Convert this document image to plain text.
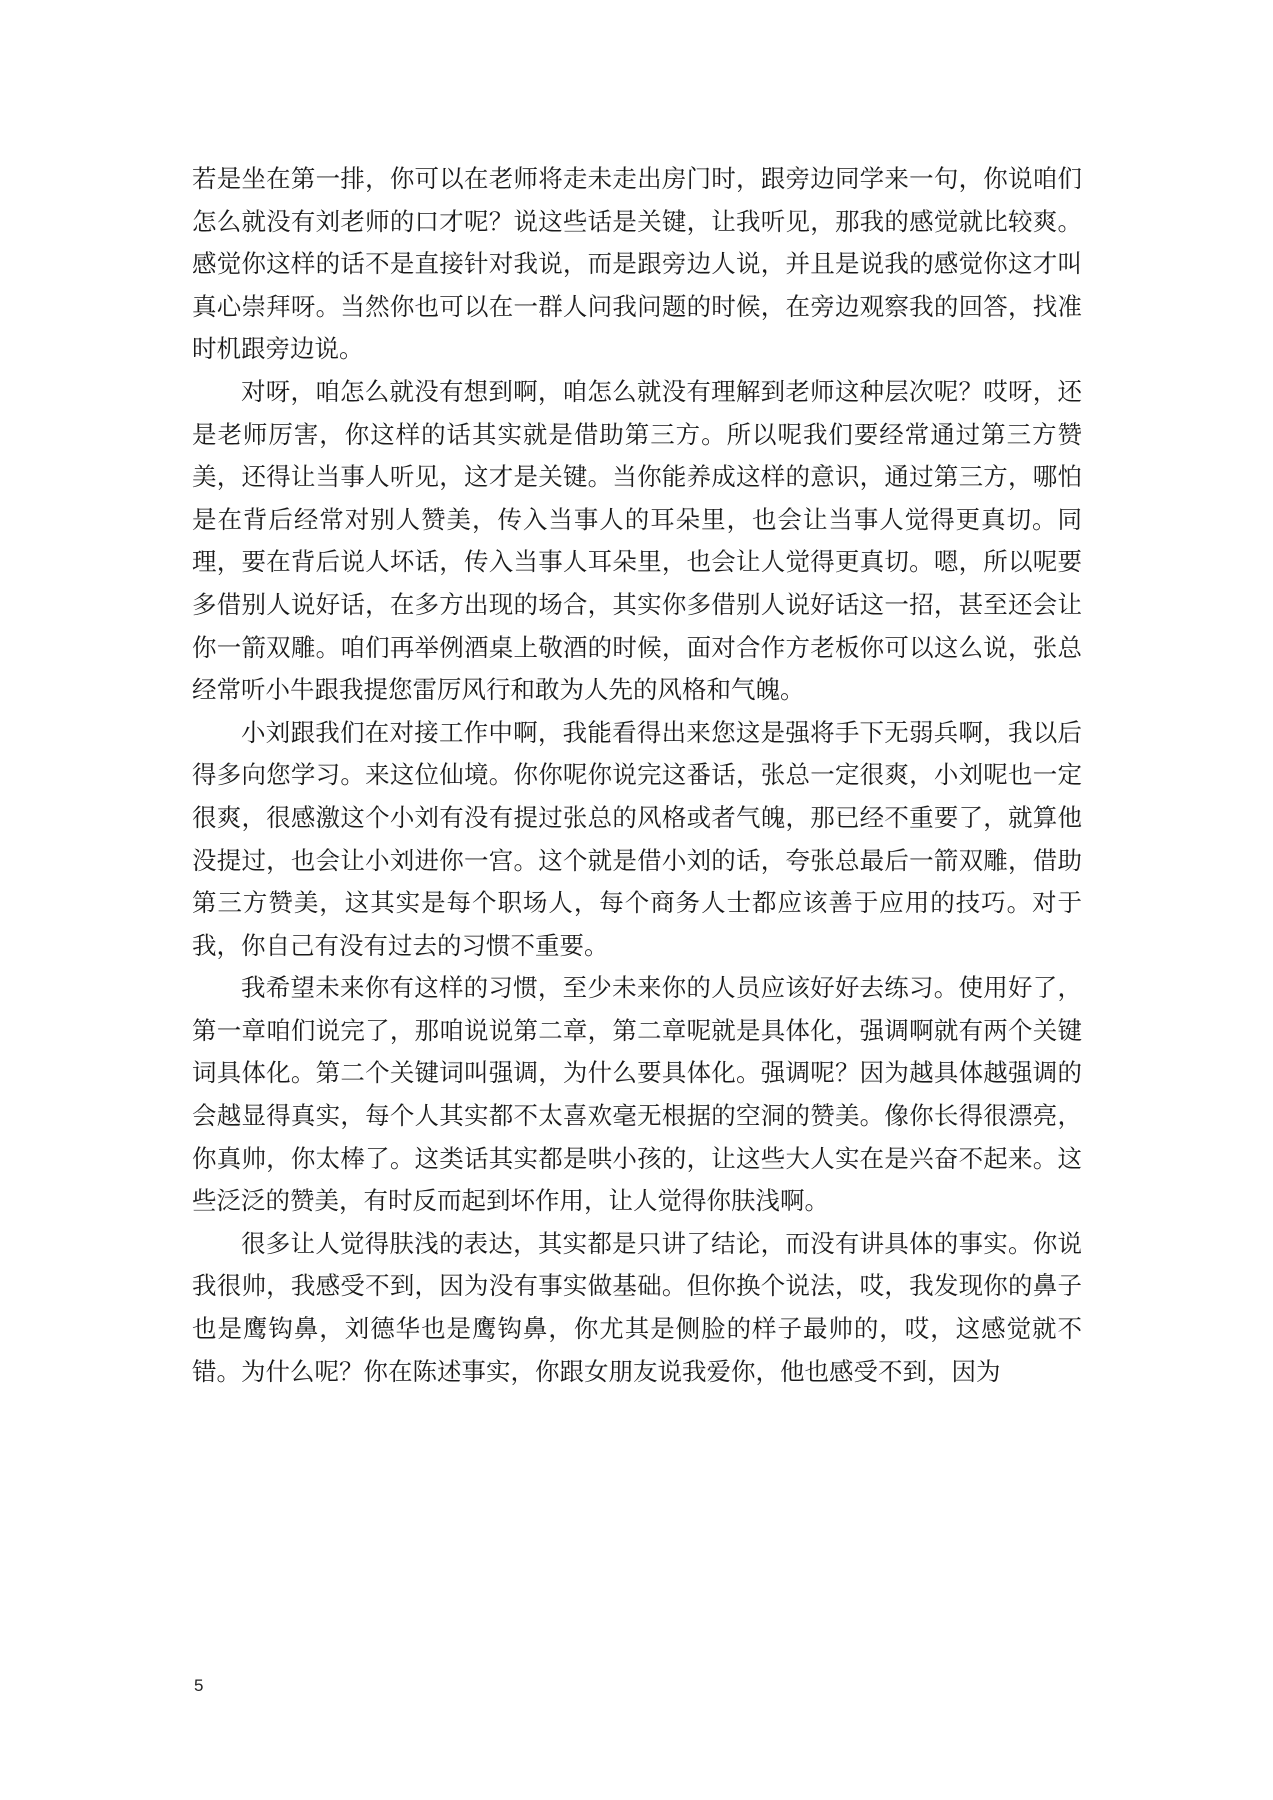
若是坐在第一排，你可以在老师将走未走出房门时，跟旁边同学来一句，你说咱们怎么就没有刘老师的口才呢？说这些话是关键，让我听见，那我的感觉就比较爽。感觉你这样的话不是直接针对我说，而是跟旁边人说，并且是说我的感觉你这才叫真心崇拜呀。当然你也可以在一群人问我问题的时候，在旁边观察我的回答，找准时机跟旁边说。

对呀，咱怎么就没有想到啊，咱怎么就没有理解到老师这种层次呢？哎呀，还是老师厉害，你这样的话其实就是借助第三方。所以呢我们要经常通过第三方赞美，还得让当事人听见，这才是关键。当你能养成这样的意识，通过第三方，哪怕是在背后经常对别人赞美，传入当事人的耳朵里，也会让当事人觉得更真切。同理，要在背后说人坏话，传入当事人耳朵里，也会让人觉得更真切。嗯，所以呢要多借别人说好话，在多方出现的场合，其实你多借别人说好话这一招，甚至还会让你一箭双雕。咱们再举例酒桌上敬酒的时候，面对合作方老板你可以这么说，张总经常听小牛跟我提您雷厉风行和敢为人先的风格和气魄。

小刘跟我们在对接工作中啊，我能看得出来您这是强将手下无弱兵啊，我以后得多向您学习。来这位仙境。你你呢你说完这番话，张总一定很爽，小刘呢也一定很爽，很感激这个小刘有没有提过张总的风格或者气魄，那已经不重要了，就算他没提过，也会让小刘进你一宫。这个就是借小刘的话，夸张总最后一箭双雕，借助第三方赞美，这其实是每个职场人，每个商务人士都应该善于应用的技巧。对于我，你自己有没有过去的习惯不重要。

我希望未来你有这样的习惯，至少未来你的人员应该好好去练习。使用好了，第一章咱们说完了，那咱说说第二章，第二章呢就是具体化，强调啊就有两个关键词具体化。第二个关键词叫强调，为什么要具体化。强调呢？因为越具体越强调的会越显得真实，每个人其实都不太喜欢毫无根据的空洞的赞美。像你长得很漂亮，你真帅，你太棒了。这类话其实都是哄小孩的，让这些大人实在是兴奋不起来。这些泛泛的赞美，有时反而起到坏作用，让人觉得你肤浅啊。

很多让人觉得肤浅的表达，其实都是只讲了结论，而没有讲具体的事实。你说我很帅，我感受不到，因为没有事实做基础。但你换个说法，哎，我发现你的鼻子也是鹰钩鼻，刘德华也是鹰钩鼻，你尤其是侧脸的样子最帅的，哎，这感觉就不错。为什么呢？你在陈述事实，你跟女朋友说我爱你，他也感受不到，因为

5
